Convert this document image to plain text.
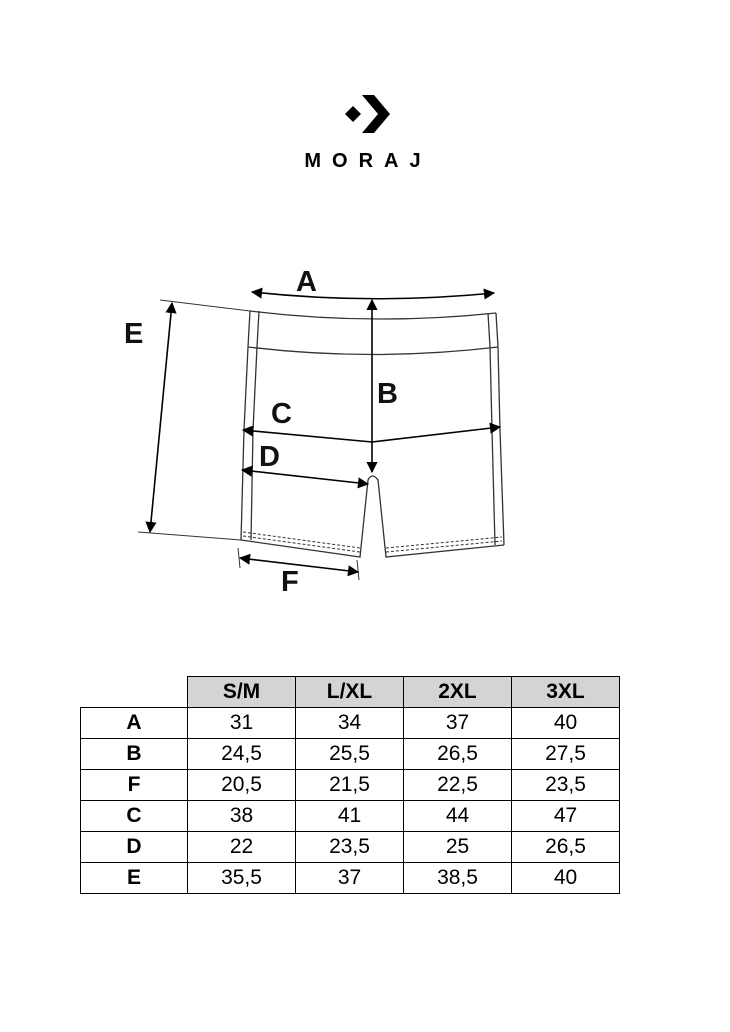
MORAJ
A
B
C
D
E
F
	S/M	L/XL	2XL	3XL
A	31	34	37	40
B	24,5	25,5	26,5	27,5
F	20,5	21,5	22,5	23,5
C	38	41	44	47
D	22	23,5	25	26,5
E	35,5	37	38,5	40
